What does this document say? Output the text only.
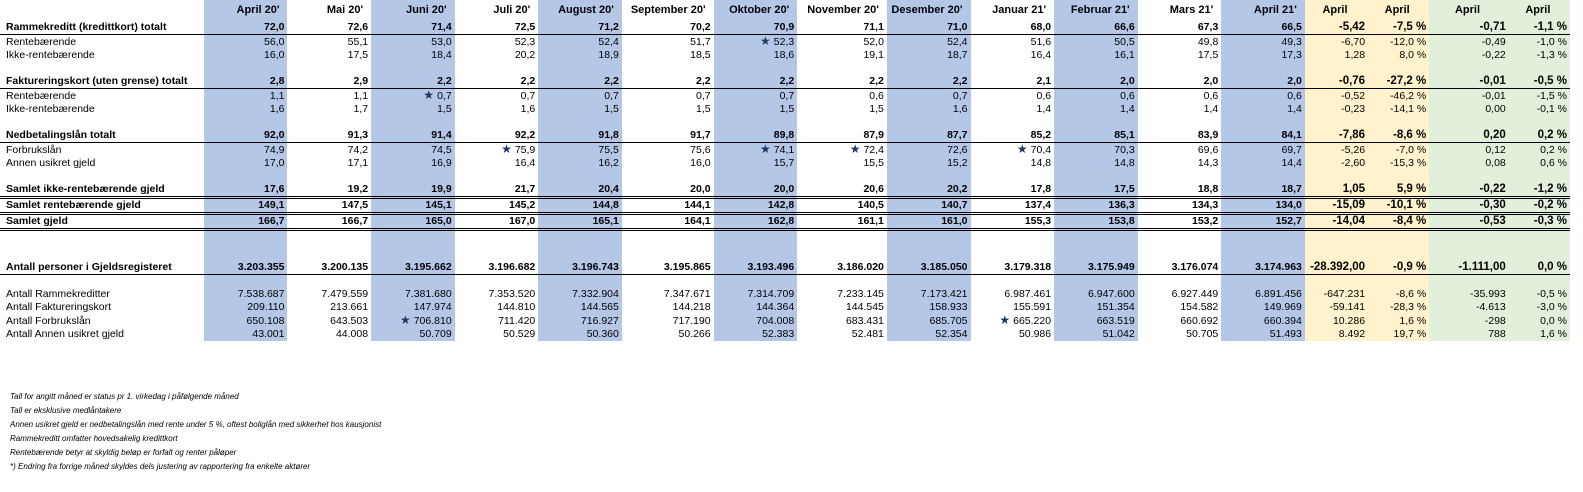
	April 20'	Mai 20'	Juni 20'	Juli 20'	August 20'	September 20'	Oktober 20'	November 20'	Desember 20'	Januar 21'	Februar 21'	Mars 21'	April 21'	April	April	April	April
Rammekreditt (kredittkort) totalt	72,0	72,6	71,4	72,5	71,2	70,2	70,9	71,1	71,0	68,0	66,6	67,3	66,5	-5,42	-7,5 %	-0,71	-1,1 %
Rentebærende	56,0	55,1	53,0	52,3	52,4	51,7	★ 52,3	52,0	52,4	51,6	50,5	49,8	49,3	-6,70	-12,0 %	-0,49	-1,0 %
Ikke-rentebærende	16,0	17,5	18,4	20,2	18,9	18,5	18,6	19,1	18,7	16,4	16,1	17,5	17,3	1,28	8,0 %	-0,22	-1,3 %

Faktureringskort (uten grense) totalt	2,8	2,9	2,2	2,2	2,2	2,2	2,2	2,2	2,2	2,1	2,0	2,0	2,0	-0,76	-27,2 %	-0,01	-0,5 %
Rentebærende	1,1	1,1	★ 0,7	0,7	0,7	0,7	0,7	0,6	0,7	0,6	0,6	0,6	0,6	-0,52	-46,2 %	-0,01	-1,5 %
Ikke-rentebærende	1,6	1,7	1,5	1,6	1,5	1,5	1,5	1,5	1,6	1,4	1,4	1,4	1,4	-0,23	-14,1 %	0,00	-0,1 %

Nedbetalingslån totalt	92,0	91,3	91,4	92,2	91,8	91,7	89,8	87,9	87,7	85,2	85,1	83,9	84,1	-7,86	-8,6 %	0,20	0,2 %
Forbrukslån	74,9	74,2	74,5	★ 75,9	75,5	75,6	★ 74,1	★ 72,4	72,6	★ 70,4	70,3	69,6	69,7	-5,26	-7,0 %	0,12	0,2 %
Annen usikret gjeld	17,0	17,1	16,9	16,4	16,2	16,0	15,7	15,5	15,2	14,8	14,8	14,3	14,4	-2,60	-15,3 %	0,08	0,6 %

Samlet ikke-rentebærende gjeld	17,6	19,2	19,9	21,7	20,4	20,0	20,0	20,6	20,2	17,8	17,5	18,8	18,7	1,05	5,9 %	-0,22	-1,2 %
Samlet rentebærende gjeld	149,1	147,5	145,1	145,2	144,8	144,1	142,8	140,5	140,7	137,4	136,3	134,3	134,0	-15,09	-10,1 %	-0,30	-0,2 %
Samlet gjeld	166,7	166,7	165,0	167,0	165,1	164,1	162,8	161,1	161,0	155,3	153,8	153,2	152,7	-14,04	-8,4 %	-0,53	-0,3 %

Antall personer i Gjeldsregisteret	3.203.355	3.200.135	3.195.662	3.196.682	3.196.743	3.195.865	3.193.496	3.186.020	3.185.050	3.179.318	3.175.949	3.176.074	3.174.963	-28.392,00	-0,9 %	-1.111,00	0,0 %

Antall Rammekreditter	7.538.687	7.479.559	7.381.680	7.353.520	7.332.904	7.347.671	7.314.709	7.233.145	7.173.421	6.987.461	6.947.600	6.927.449	6.891.456	-647.231	-8,6 %	-35.993	-0,5 %
Antall Faktureringskort	209.110	213.661	147.974	144.810	144.565	144.218	144.364	144.545	158.933	155.591	151.354	154.582	149.969	-59.141	-28,3 %	-4.613	-3,0 %
Antall Forbrukslån	650.108	643.503	★ 706.810	711.420	716.927	717.190	704.008	683.431	685.705	★ 665.220	663.519	660.692	660.394	10.286	1,6 %	-298	0,0 %
Antall Annen usikret gjeld	43.001	44.008	50.709	50.529	50.360	50.266	52.383	52.481	52.354	50.986	51.042	50.705	51.493	8.492	19,7 %	788	1,6 %
Tall for angitt måned er status pr 1. virkedag i påfølgende måned
Tall er eksklusive medlåntakere
Annen usikret gjeld er nedbetalingslån med rente under 5 %, oftest boliglån med sikkerhet hos kausjonist
Rammekreditt omfatter hovedsakelig kredittkort
Rentebærende betyr at skyldig beløp er forfalt og renter påløper
*) Endring fra forrige måned skyldes dels justering av rapportering fra enkelte aktører
